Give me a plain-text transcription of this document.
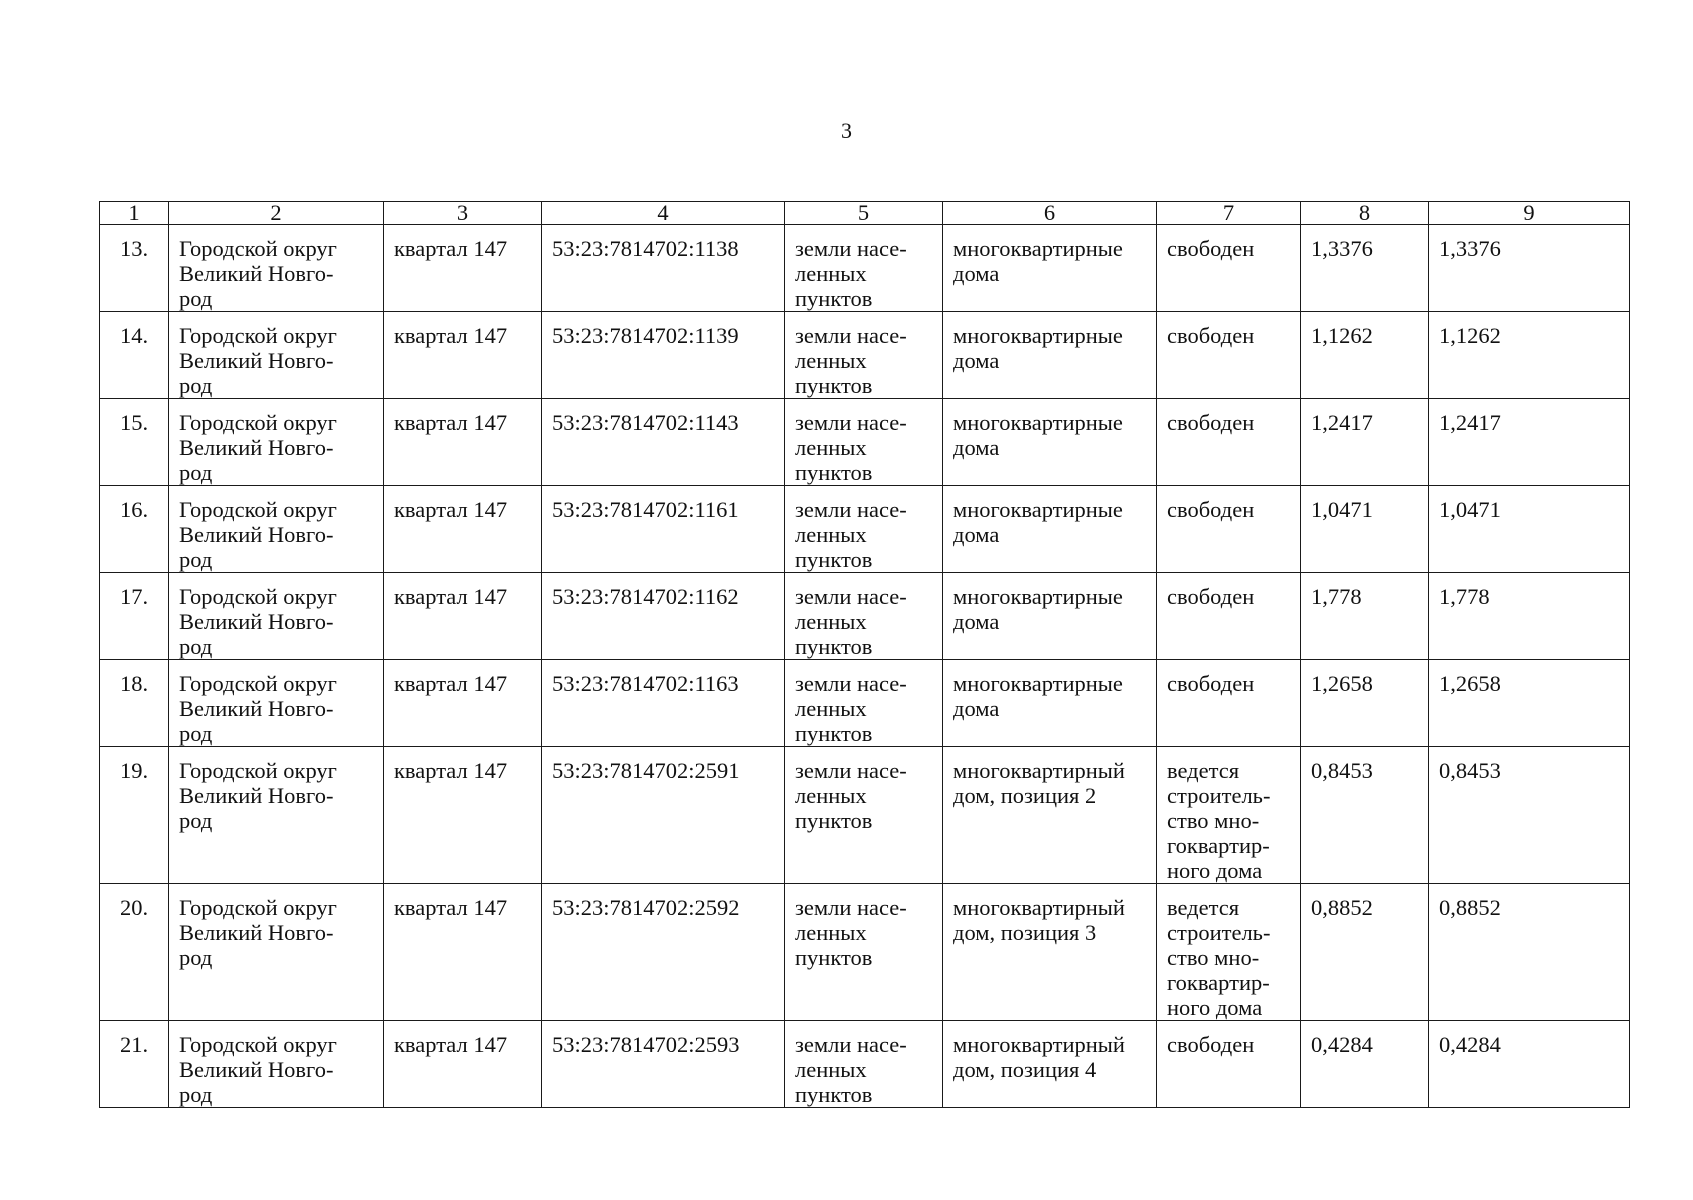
3
1	2	3	4	5	6	7	8	9

13.	Городской округ
Великий Новго-
род	квартал 147	53:23:7814702:1138	земли насе-
ленных
пунктов	многоквартирные
дома	свободен	1,3376	1,3376

14.	Городской округ
Великий Новго-
род	квартал 147	53:23:7814702:1139	земли насе-
ленных
пунктов	многоквартирные
дома	свободен	1,1262	1,1262

15.	Городской округ
Великий Новго-
род	квартал 147	53:23:7814702:1143	земли насе-
ленных
пунктов	многоквартирные
дома	свободен	1,2417	1,2417

16.	Городской округ
Великий Новго-
род	квартал 147	53:23:7814702:1161	земли насе-
ленных
пунктов	многоквартирные
дома	свободен	1,0471	1,0471

17.	Городской округ
Великий Новго-
род	квартал 147	53:23:7814702:1162	земли насе-
ленных
пунктов	многоквартирные
дома	свободен	1,778	1,778

18.	Городской округ
Великий Новго-
род	квартал 147	53:23:7814702:1163	земли насе-
ленных
пунктов	многоквартирные
дома	свободен	1,2658	1,2658

19.	Городской округ
Великий Новго-
род	квартал 147	53:23:7814702:2591	земли насе-
ленных
пунктов	многоквартирный
дом, позиция 2	ведется
строитель-
ство мно-
гоквартир-
ного дома	0,8453	0,8453

20.	Городской округ
Великий Новго-
род	квартал 147	53:23:7814702:2592	земли насе-
ленных
пунктов	многоквартирный
дом, позиция 3	ведется
строитель-
ство мно-
гоквартир-
ного дома	0,8852	0,8852

21.	Городской округ
Великий Новго-
род	квартал 147	53:23:7814702:2593	земли насе-
ленных
пунктов	многоквартирный
дом, позиция 4	свободен	0,4284	0,4284
